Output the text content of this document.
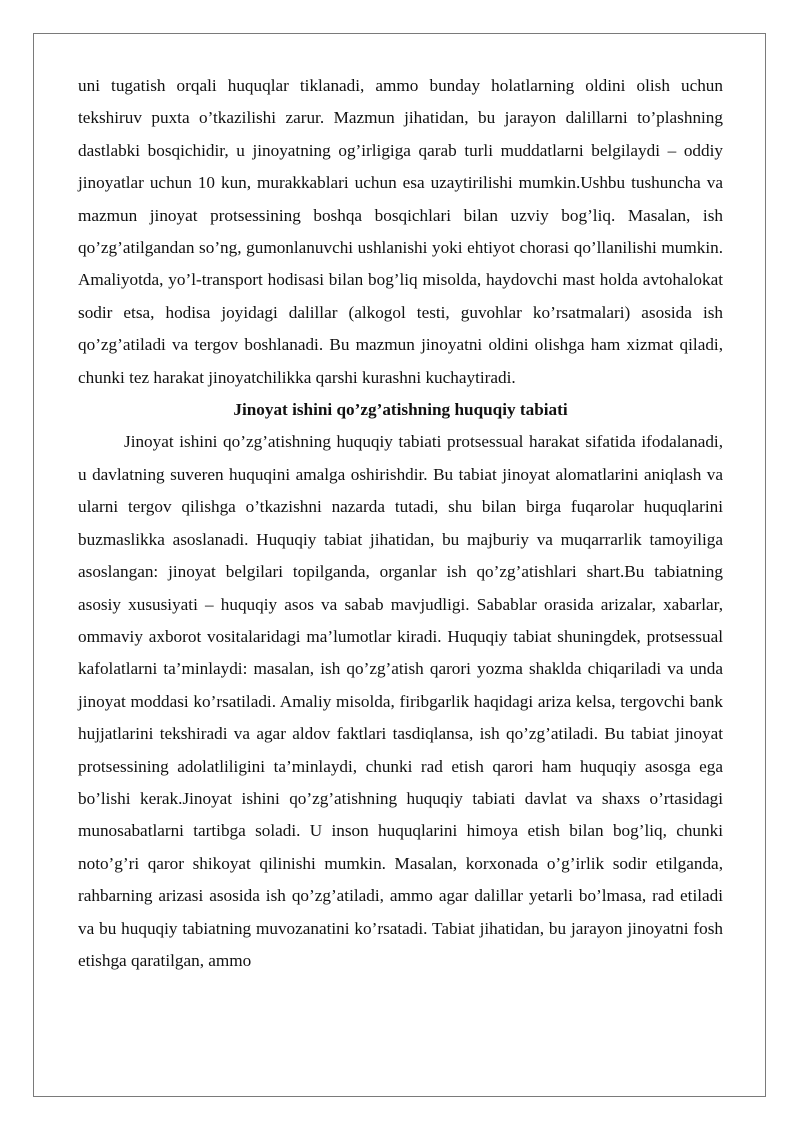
uni tugatish orqali huquqlar tiklanadi, ammo bunday holatlarning oldini olish uchun tekshiruv puxta o’tkazilishi zarur. Mazmun jihatidan, bu jarayon dalillarni to’plashning dastlabki bosqichidir, u jinoyatning og’irligiga qarab turli muddatlarni belgilaydi – oddiy jinoyatlar uchun 10 kun, murakkablari uchun esa uzaytirilishi mumkin.Ushbu tushuncha va mazmun jinoyat protsessining boshqa bosqichlari bilan uzviy bog’liq. Masalan, ish qo’zg’atilgandan so’ng, gumonlanuvchi ushlanishi yoki ehtiyot chorasi qo’llanilishi mumkin. Amaliyotda, yo’l-transport hodisasi bilan bog’liq misolda, haydovchi mast holda avtohalokat sodir etsa, hodisa joyidagi dalillar (alkogol testi, guvohlar ko’rsatmalari) asosida ish qo’zg’atiladi va tergov boshlanadi. Bu mazmun jinoyatni oldini olishga ham xizmat qiladi, chunki tez harakat jinoyatchilikka qarshi kurashni kuchaytiradi.

Jinoyat ishini qo’zg’atishning huquqiy tabiati

Jinoyat ishini qo’zg’atishning huquqiy tabiati protsessual harakat sifatida ifodalanadi, u davlatning suveren huquqini amalga oshirishdir. Bu tabiat jinoyat alomatlarini aniqlash va ularni tergov qilishga o’tkazishni nazarda tutadi, shu bilan birga fuqarolar huquqlarini buzmaslikka asoslanadi. Huquqiy tabiat jihatidan, bu majburiy va muqarrarlik tamoyiliga asoslangan: jinoyat belgilari topilganda, organlar ish qo’zg’atishlari shart.Bu tabiatning asosiy xususiyati – huquqiy asos va sabab mavjudligi. Sabablar orasida arizalar, xabarlar, ommaviy axborot vositalaridagi ma’lumotlar kiradi. Huquqiy tabiat shuningdek, protsessual kafolatlarni ta’minlaydi: masalan, ish qo’zg’atish qarori yozma shaklda chiqariladi va unda jinoyat moddasi ko’rsatiladi. Amaliy misolda, firibgarlik haqidagi ariza kelsa, tergovchi bank hujjatlarini tekshiradi va agar aldov faktlari tasdiqlansa, ish qo’zg’atiladi. Bu tabiat jinoyat protsessining adolatliligini ta’minlaydi, chunki rad etish qarori ham huquqiy asosga ega bo’lishi kerak.Jinoyat ishini qo’zg’atishning huquqiy tabiati davlat va shaxs o’rtasidagi munosabatlarni tartibga soladi. U inson huquqlarini himoya etish bilan bog’liq, chunki noto’g’ri qaror shikoyat qilinishi mumkin. Masalan, korxonada o’g’irlik sodir etilganda, rahbarning arizasi asosida ish qo’zg’atiladi, ammo agar dalillar yetarli bo’lmasa, rad etiladi va bu huquqiy tabiatning muvozanatini ko’rsatadi. Tabiat jihatidan, bu jarayon jinoyatni fosh etishga qaratilgan, ammo
